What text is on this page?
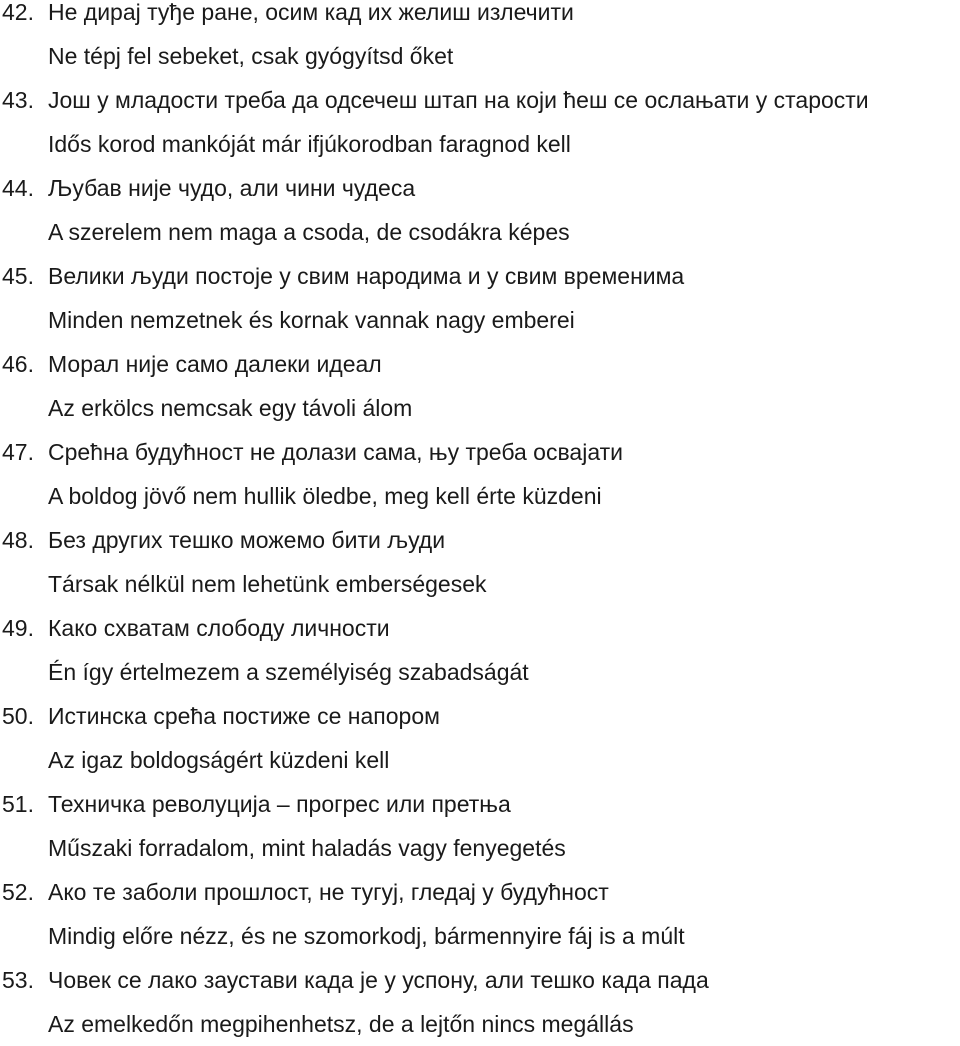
42. Не дирај туђе ране, осим кад их желиш излечити
Ne tépj fel sebeket, csak gyógyítsd őket
43. Још у младости треба да одсечеш штап на који ћеш се ослањати у старости
Idős korod mankóját már ifjúkorodban faragnod kell
44. Љубав није чудо, али чини чудеса
A szerelem nem maga a csoda, de csodákra képes
45. Велики људи постоје у свим народима и у свим временима
Minden nemzetnek és kornak vannak nagy emberei
46. Морал није само далеки идеал
Az erkölcs nemcsak egy távoli álom
47. Срећна будућност не долази сама, њу треба освајати
A boldog jövő nem hullik öledbe, meg kell érte küzdeni
48. Без других тешко можемо бити људи
Társak nélkül nem lehetünk emberségesek
49. Како схватам слободу личности
Én így értelmezem a személyiség szabadságát
50. Истинска срећа постиже се напором
Az igaz boldogságért küzdeni kell
51. Техничка револуција – прогрес или претња
Műszaki forradalom, mint haladás vagy fenyegetés
52. Ако те заболи прошлост, не тугуј, гледај у будућност
Mindig előre nézz, és ne szomorkodj, bármennyire fáj is a múlt
53. Човек се лако заустави када је у успону, али тешко када пада
Az emelkedőn megpihenhetsz, de a lejtőn nincs megállás
